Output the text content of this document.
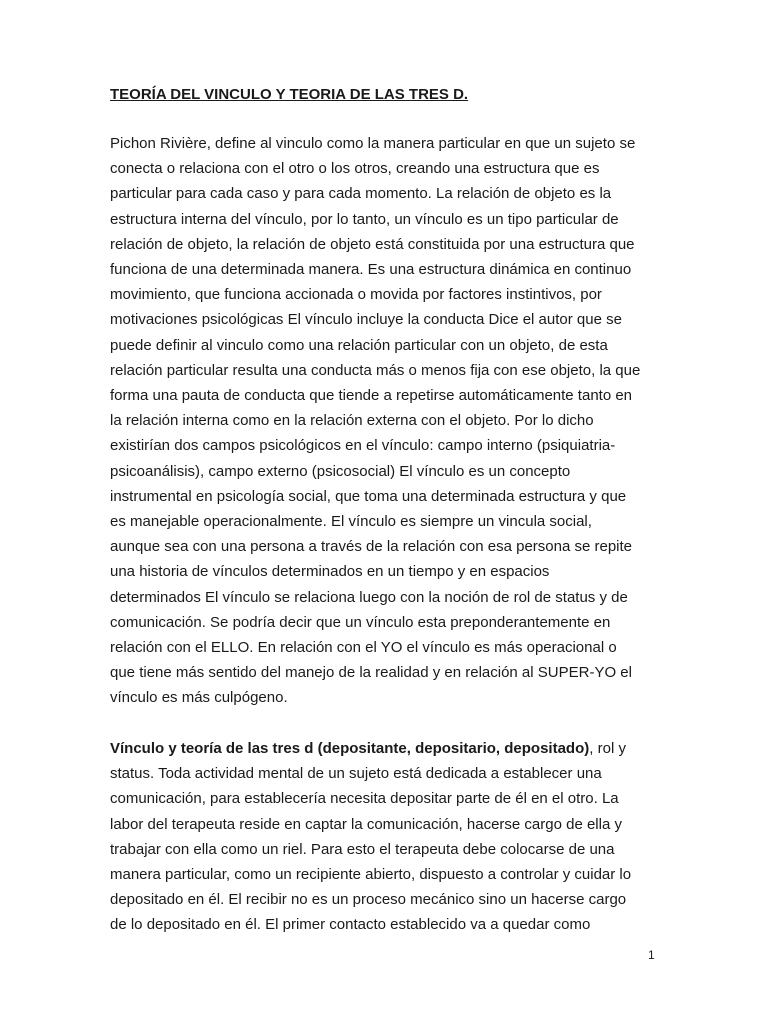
TEORÍA DEL VINCULO Y TEORIA DE LAS TRES D.

Pichon Rivière, define al vinculo como la manera particular en que un sujeto se
conecta o relaciona con el otro o los otros, creando una estructura que es
particular para cada caso y para cada momento. La relación de objeto es la
estructura interna del vínculo, por lo tanto, un vínculo es un tipo particular de
relación de objeto, la relación de objeto está constituida por una estructura que
funciona de una determinada manera. Es una estructura dinámica en continuo
movimiento, que funciona accionada o movida por factores instintivos, por
motivaciones psicológicas El vínculo incluye la conducta Dice el autor que se
puede definir al vinculo como una relación particular con un objeto, de esta
relación particular resulta una conducta más o menos fija con ese objeto, la que
forma una pauta de conducta que tiende a repetirse automáticamente tanto en
la relación interna como en la relación externa con el objeto. Por lo dicho
existirían dos campos psicológicos en el vínculo: campo interno (psiquiatria-
psicoanálisis), campo externo (psicosocial) El vínculo es un concepto
instrumental en psicología social, que toma una determinada estructura y que
es manejable operacionalmente. El vínculo es siempre un vincula social,
aunque sea con una persona a través de la relación con esa persona se repite
una historia de vínculos determinados en un tiempo y en espacios
determinados El vínculo se relaciona luego con la noción de rol de status y de
comunicación. Se podría decir que un vínculo esta preponderantemente en
relación con el ELLO. En relación con el YO el vínculo es más operacional o
que tiene más sentido del manejo de la realidad y en relación al SUPER-YO el
vínculo es más culpógeno.

Vínculo y teoría de las tres d (depositante, depositario, depositado), rol y
status. Toda actividad mental de un sujeto está dedicada a establecer una
comunicación, para establecería necesita depositar parte de él en el otro. La
labor del terapeuta reside en captar la comunicación, hacerse cargo de ella y
trabajar con ella como un riel. Para esto el terapeuta debe colocarse de una
manera particular, como un recipiente abierto, dispuesto a controlar y cuidar lo
depositado en él. El recibir no es un proceso mecánico sino un hacerse cargo
de lo depositado en él. El primer contacto establecido va a quedar como

1
